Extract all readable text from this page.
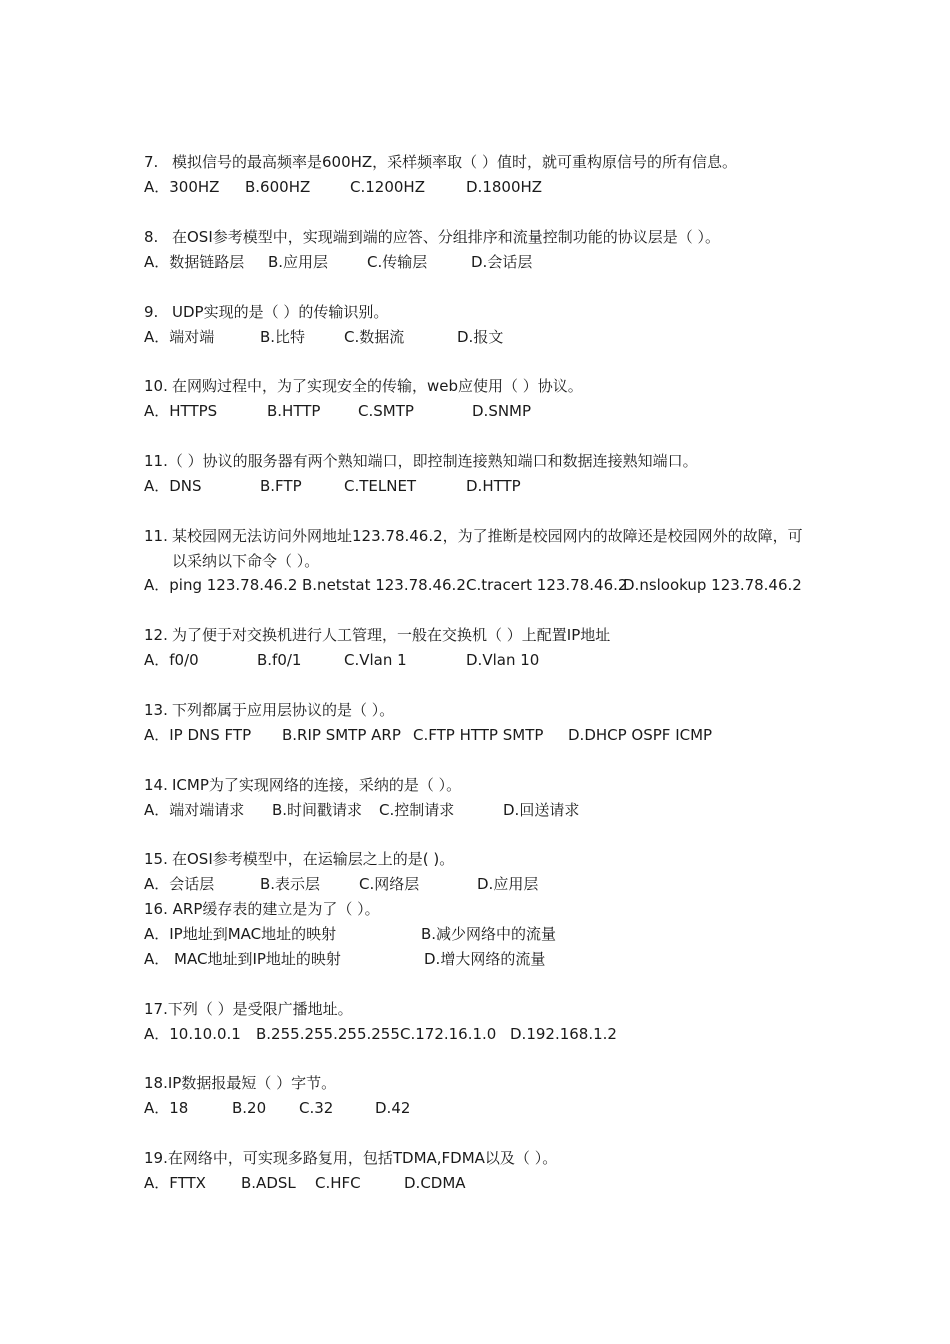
7. 模拟信号的最高频率是600HZ，采样频率取（ ）值时，就可重构原信号的所有信息。
A．300HZ B.600HZ	C.1200HZ	D.1800HZ
8. 在OSI参考模型中，实现端到端的应答、分组排序和流量控制功能的协议层是（ ）。
A．数据链路层 B.应用层	C.传输层	D.会话层
9. UDP实现的是（ ）的传输识别。
A．端对端	B.比特	C.数据流	D.报文
10. 在网购过程中，为了实现安全的传输，web应使用（ ）协议。
A．HTTPS	B.HTTP	C.SMTP	D.SNMP
11.（ ）协议的服务器有两个熟知端口，即控制连接熟知端口和数据连接熟知端口。
A．DNS	B.FTP	C.TELNET	D.HTTP
11. 某校园网无法访问外网地址123.78.46.2，为了推断是校园网内的故障还是校园网外的故障，可
以采纳以下命令（ ）。
A．ping 123.78.46.2 B.netstat 123.78.46.2 C.tracert 123.78.46.2
D.nslookup 123.78.46.2
12. 为了便于对交换机进行人工管理，一般在交换机（ ）上配置IP地址
A．f0/0	B.f0/1	C.Vlan 1	D.Vlan 10
13. 下列都属于应用层协议的是（ ）。
A．IP DNS FTP B.RIP SMTP ARP C.FTP HTTP SMTP D.DHCP OSPF ICMP
14. ICMP为了实现网络的连接，采纳的是（ ）。
A．端对端请求 B.时间戳请求 C.控制请求	D.回送请求
15. 在OSI参考模型中，在运输层之上的是( )。
A．会话层	B.表示层	C.网络层	D.应用层
16. ARP缓存表的建立是为了（ ）。
A．IP地址到MAC地址的映射	B.减少网络中的流量
A． MAC地址到IP地址的映射	D.增大网络的流量
17.下列（ ）是受限广播地址。
A．10.10.0.1 B.255.255.255.255 C.172.16.1.0 D.192.168.1.2
18.IP数据报最短（ ）字节。
A．18	B.20 C.32	D.42
19.在网络中，可实现多路复用，包括TDMA,FDMA以及（ ）。
A．FTTX B.ADSL C.HFC	D.CDMA
